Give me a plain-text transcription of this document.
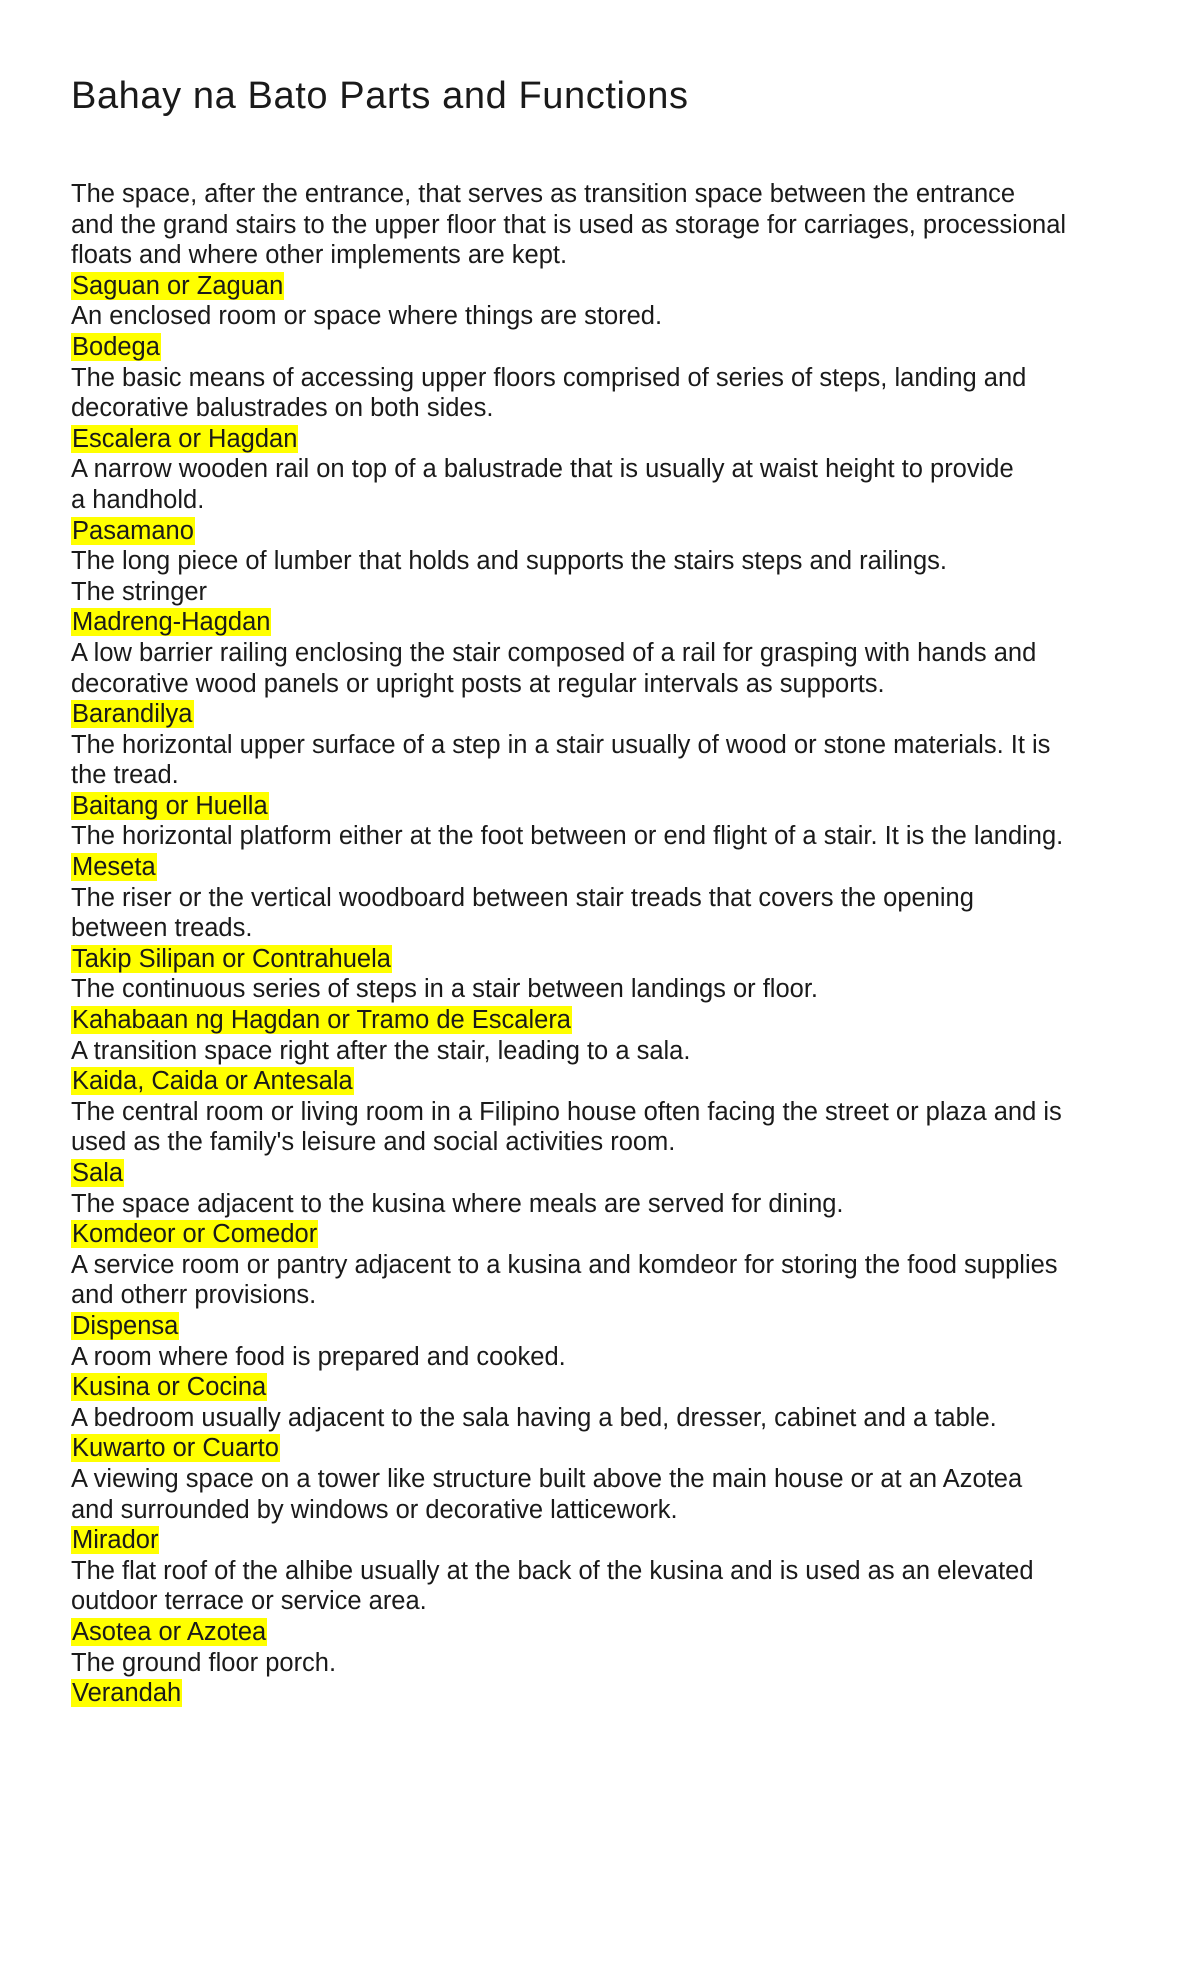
Bahay na Bato Parts and Functions

The space, after the entrance, that serves as transition space between the entrance

and the grand stairs to the upper floor that is used as storage for carriages, processional

floats and where other implements are kept.

Saguan or Zaguan

An enclosed room or space where things are stored.

Bodega

The basic means of accessing upper floors comprised of series of steps, landing and

decorative balustrades on both sides.

Escalera or Hagdan

A narrow wooden rail on top of a balustrade that is usually at waist height to provide

a handhold.

Pasamano

The long piece of lumber that holds and supports the stairs steps and railings.

The stringer

Madreng-Hagdan

A low barrier railing enclosing the stair composed of a rail for grasping with hands and

decorative wood panels or upright posts at regular intervals as supports.

Barandilya

The horizontal upper surface of a step in a stair usually of wood or stone materials. It is

the tread.

Baitang or Huella

The horizontal platform either at the foot between or end flight of a stair. It is the landing.

Meseta

The riser or the vertical woodboard between stair treads that covers the opening

between treads.

Takip Silipan or Contrahuela

The continuous series of steps in a stair between landings or floor.

Kahabaan ng Hagdan or Tramo de Escalera

A transition space right after the stair, leading to a sala.

Kaida, Caida or Antesala

The central room or living room in a Filipino house often facing the street or plaza and is

used as the family's leisure and social activities room.

Sala

The space adjacent to the kusina where meals are served for dining.

Komdeor or Comedor

A service room or pantry adjacent to a kusina and komdeor for storing the food supplies

and otherr provisions.

Dispensa

A room where food is prepared and cooked.

Kusina or Cocina

A bedroom usually adjacent to the sala having a bed, dresser, cabinet and a table.

Kuwarto or Cuarto

A viewing space on a tower like structure built above the main house or at an Azotea

and surrounded by windows or decorative latticework.

Mirador

The flat roof of the alhibe usually at the back of the kusina and is used as an elevated

outdoor terrace or service area.

Asotea or Azotea

The ground floor porch.

Verandah
